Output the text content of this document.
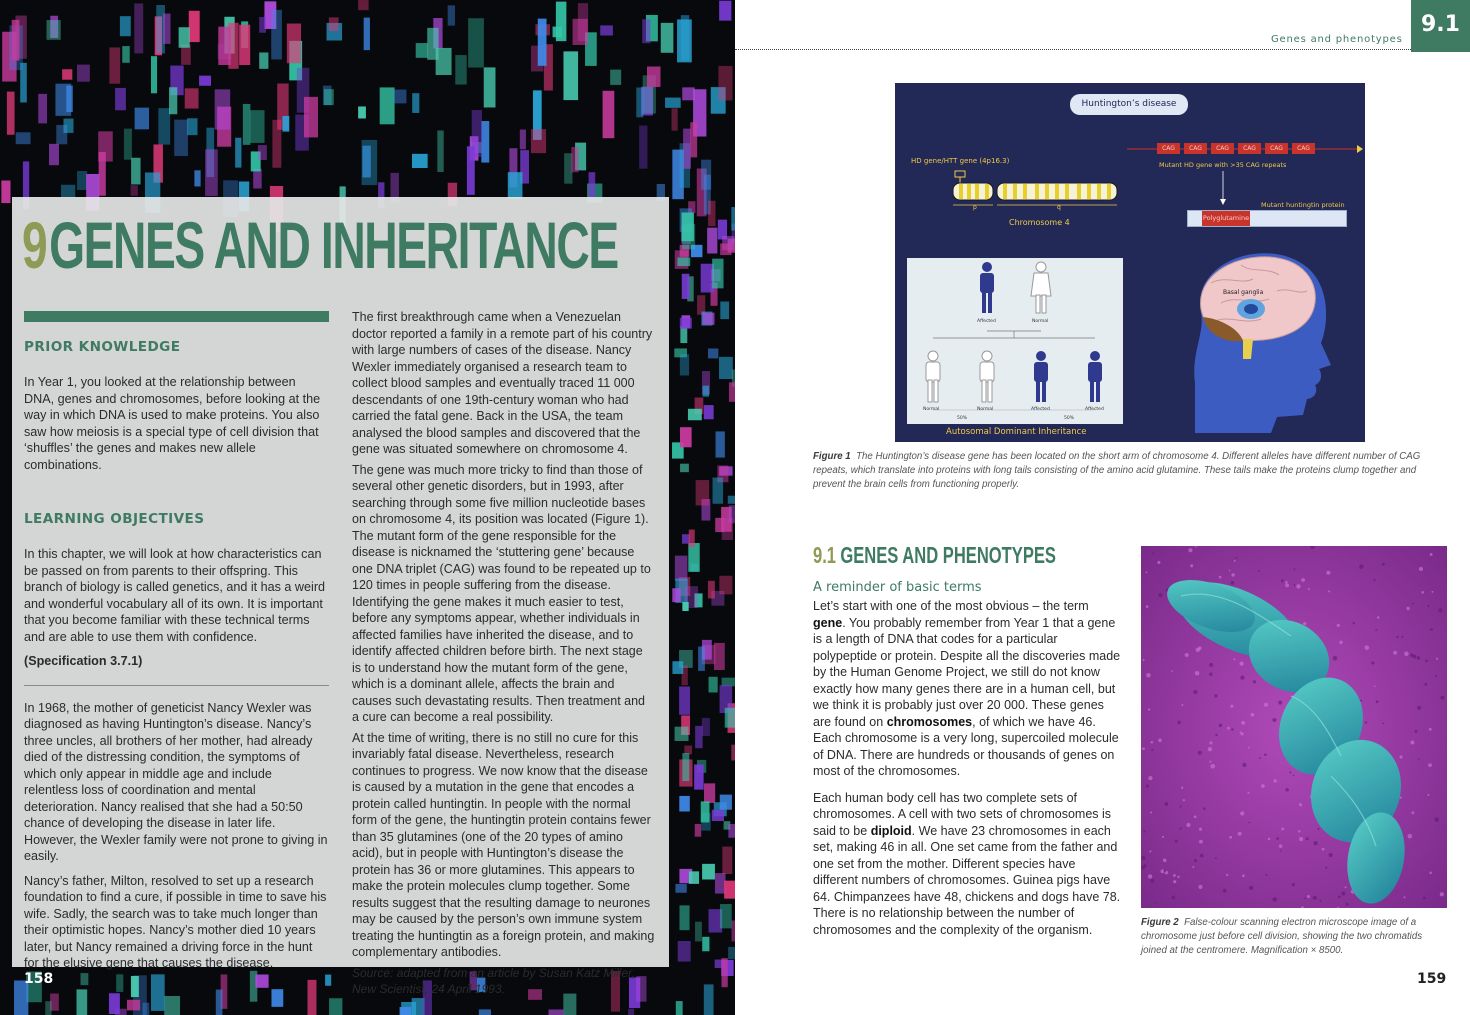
9GENES AND INHERITANCE
PRIOR KNOWLEDGE

In Year 1, you looked at the relationship between DNA, genes and chromosomes, before looking at the way in which DNA is used to make proteins. You also saw how meiosis is a special type of cell division that ‘shuffles’ the genes and makes new allele combinations.

LEARNING OBJECTIVES

In this chapter, we will look at how characteristics can be passed on from parents to their offspring. This branch of biology is called genetics, and it has a weird and wonderful vocabulary all of its own. It is important that you become familiar with these technical terms and are able to use them with confidence.

(Specification 3.7.1)

In 1968, the mother of geneticist Nancy Wexler was diagnosed as having Huntington’s disease. Nancy’s three uncles, all brothers of her mother, had already died of the distressing condition, the symptoms of which only appear in middle age and include relentless loss of coordination and mental deterioration. Nancy realised that she had a 50:50 chance of developing the disease in later life. However, the Wexler family were not prone to giving in easily.

Nancy’s father, Milton, resolved to set up a research foundation to find a cure, if possible in time to save his wife. Sadly, the search was to take much longer than their optimistic hopes. Nancy’s mother died 10 years later, but Nancy remained a driving force in the hunt for the elusive gene that causes the disease.

The first breakthrough came when a Venezuelan doctor reported a family in a remote part of his country with large numbers of cases of the disease. Nancy Wexler immediately organised a research team to collect blood samples and eventually traced 11 000 descendants of one 19th-century woman who had carried the fatal gene. Back in the USA, the team analysed the blood samples and discovered that the gene was situated somewhere on chromosome 4.

The gene was much more tricky to find than those of several other genetic disorders, but in 1993, after searching through some five million nucleotide bases on chromosome 4, its position was located (Figure 1). The mutant form of the gene responsible for the disease is nicknamed the ‘stuttering gene’ because one DNA triplet (CAG) was found to be repeated up to 120 times in people suffering from the disease. Identifying the gene makes it much easier to test, before any symptoms appear, whether individuals in affected families have inherited the disease, and to identify affected children before birth. The next stage is to understand how the mutant form of the gene, which is a dominant allele, affects the brain and causes such devastating results. Then treatment and a cure can become a real possibility.

At the time of writing, there is no still no cure for this invariably fatal disease. Nevertheless, research continues to progress. We now know that the disease is caused by a mutation in the gene that encodes a protein called huntingtin. In people with the normal form of the gene, the huntingtin protein contains fewer than 35 glutamines (one of the 20 types of amino acid), but in people with Huntington’s disease the protein has 36 or more glutamines. This appears to make the protein molecules clump together. Some results suggest that the resulting damage to neurones may be caused by the person’s own immune system treating the huntingtin as a foreign protein, and making complementary antibodies.

Source: adapted from an article by Susan Katz Miller, New Scientist, 24 April 1993.

158
Genes and phenotypes
9.1
Huntington’s disease
HD gene/HTT gene (4p16.3)
p	q
Chromosome 4
CAG	CAG	CAG	CAG	CAG	CAG
Mutant HD gene with >35 CAG repeats
Mutant huntingtin protein
Polyglutamine
Affected	Normal
Normal	Normal	Affected	Affected
50%	50%
Autosomal Dominant Inheritance
Basal ganglia
Figure 1 The Huntington’s disease gene has been located on the short arm of chromosome 4. Different alleles have different number of CAG repeats, which translate into proteins with long tails consisting of the amino acid glutamine. These tails make the proteins clump together and prevent the brain cells from functioning properly.
9.1 GENES AND PHENOTYPES
A reminder of basic terms

Let’s start with one of the most obvious – the term gene. You probably remember from Year 1 that a gene is a length of DNA that codes for a particular polypeptide or protein. Despite all the discoveries made by the Human Genome Project, we still do not know exactly how many genes there are in a human cell, but we think it is probably just over 20 000. These genes are found on chromosomes, of which we have 46. Each chromosome is a very long, supercoiled molecule of DNA. There are hundreds or thousands of genes on most of the chromosomes.

Each human body cell has two complete sets of chromosomes. A cell with two sets of chromosomes is said to be diploid. We have 23 chromosomes in each set, making 46 in all. One set came from the father and one set from the mother. Different species have different numbers of chromosomes. Guinea pigs have 64. Chimpanzees have 48, chickens and dogs have 78. There is no relationship between the number of chromosomes and the complexity of the organism.	Figure 2 False-colour scanning electron microscope image of a chromosome just before cell division, showing the two chromatids joined at the centromere. Magnification × 8500.
159
